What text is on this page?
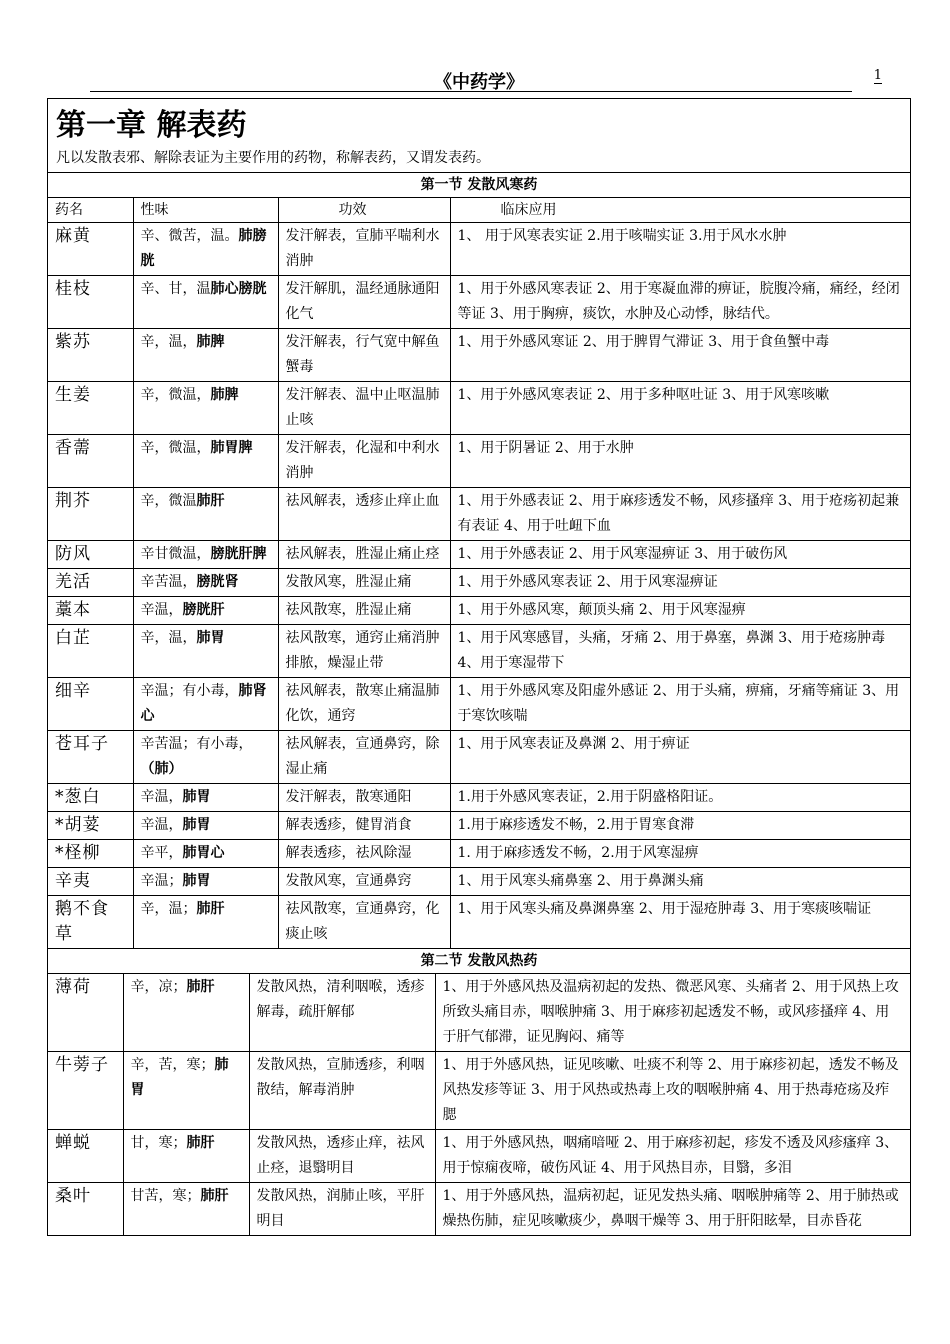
《中药学》	1
第一章 解表药
凡以发散表邪、解除表证为主要作用的药物，称解表药，又谓发表药。
第一节 发散风寒药			
药名	性味	功效	临床应用
麻黄	辛、微苦，温。肺膀胱	发汗解表，宣肺平喘利水消肿	1、 用于风寒表实证 2.用于咳喘实证 3.用于风水水肿
桂枝	辛、甘，温肺心膀胱	发汗解肌，温经通脉通阳化气	1、用于外感风寒表证 2、用于寒凝血滞的痹证，脘腹冷痛，痛经，经闭等证 3、用于胸痹，痰饮，水肿及心动悸，脉结代。
紫苏	辛，温，肺脾	发汗解表，行气宽中解鱼蟹毒	1、用于外感风寒证 2、用于脾胃气滞证 3、用于食鱼蟹中毒
生姜	辛，微温，肺脾	发汗解表、温中止呕温肺止咳	1、用于外感风寒表证 2、用于多种呕吐证 3、用于风寒咳嗽
香薷	辛，微温，肺胃脾	发汗解表，化湿和中利水消肿	1、用于阴暑证 2、用于水肿
荆芥	辛，微温肺肝	祛风解表，透疹止痒止血	1、用于外感表证 2、用于麻疹透发不畅，风疹搔痒 3、用于疮疡初起兼有表证 4、用于吐衄下血
防风	辛甘微温，膀胱肝脾	祛风解表，胜湿止痛止痉	1、用于外感表证 2、用于风寒湿痹证 3、用于破伤风
羌活	辛苦温，膀胱肾	发散风寒，胜湿止痛	1、用于外感风寒表证 2、用于风寒湿痹证
藁本	辛温，膀胱肝	祛风散寒，胜湿止痛	1、用于外感风寒，颠顶头痛 2、用于风寒湿痹
白芷	辛，温，肺胃	祛风散寒，通窍止痛消肿排脓，燥湿止带	1、用于风寒感冒，头痛，牙痛 2、用于鼻塞，鼻渊 3、用于疮疡肿毒 4、用于寒湿带下
细辛	辛温；有小毒，肺肾心	祛风解表，散寒止痛温肺化饮，通窍	1、用于外感风寒及阳虚外感证 2、用于头痛，痹痛，牙痛等痛证 3、用于寒饮咳喘
苍耳子	辛苦温；有小毒，（肺）	祛风解表，宣通鼻窍，除湿止痛	1、用于风寒表证及鼻渊 2、用于痹证
*葱白	辛温，肺胃	发汗解表，散寒通阳	1.用于外感风寒表证，2.用于阴盛格阳证。
*胡荽	辛温，肺胃	解表透疹，健胃消食	1.用于麻疹透发不畅，2.用于胃寒食滞
*柽柳	辛平，肺胃心	解表透疹，祛风除湿	1. 用于麻疹透发不畅，2.用于风寒湿痹
辛夷	辛温；肺胃	发散风寒，宣通鼻窍	1、用于风寒头痛鼻塞 2、用于鼻渊头痛
鹅不食草	辛，温；肺肝	祛风散寒，宣通鼻窍，化痰止咳	1、用于风寒头痛及鼻渊鼻塞 2、用于湿疮肿毒 3、用于寒痰咳喘证
第二节 发散风热药
薄荷	辛，凉；肺肝	发散风热，清利咽喉，透疹解毒，疏肝解郁	1、用于外感风热及温病初起的发热、微恶风寒、头痛者 2、用于风热上攻所致头痛目赤，咽喉肿痛 3、用于麻疹初起透发不畅，或风疹搔痒 4、用于肝气郁滞，证见胸闷、痛等
牛蒡子	辛，苦，寒；肺胃	发散风热，宣肺透疹，利咽散结，解毒消肿	1、用于外感风热，证见咳嗽、吐痰不利等 2、用于麻疹初起，透发不畅及风热发疹等证 3、用于风热或热毒上攻的咽喉肿痛 4、用于热毒疮疡及痄腮
蝉蜕	甘，寒；肺肝	发散风热，透疹止痒，祛风止痉，退翳明目	1、用于外感风热，咽痛喑哑 2、用于麻疹初起，疹发不透及风疹瘙痒 3、用于惊痫夜啼，破伤风证 4、用于风热目赤，目翳，多泪
桑叶	甘苦，寒；肺肝	发散风热，润肺止咳，平肝明目	1、用于外感风热，温病初起，证见发热头痛、咽喉肿痛等 2、用于肺热或燥热伤肺，症见咳嗽痰少，鼻咽干燥等 3、用于肝阳眩晕，目赤昏花
